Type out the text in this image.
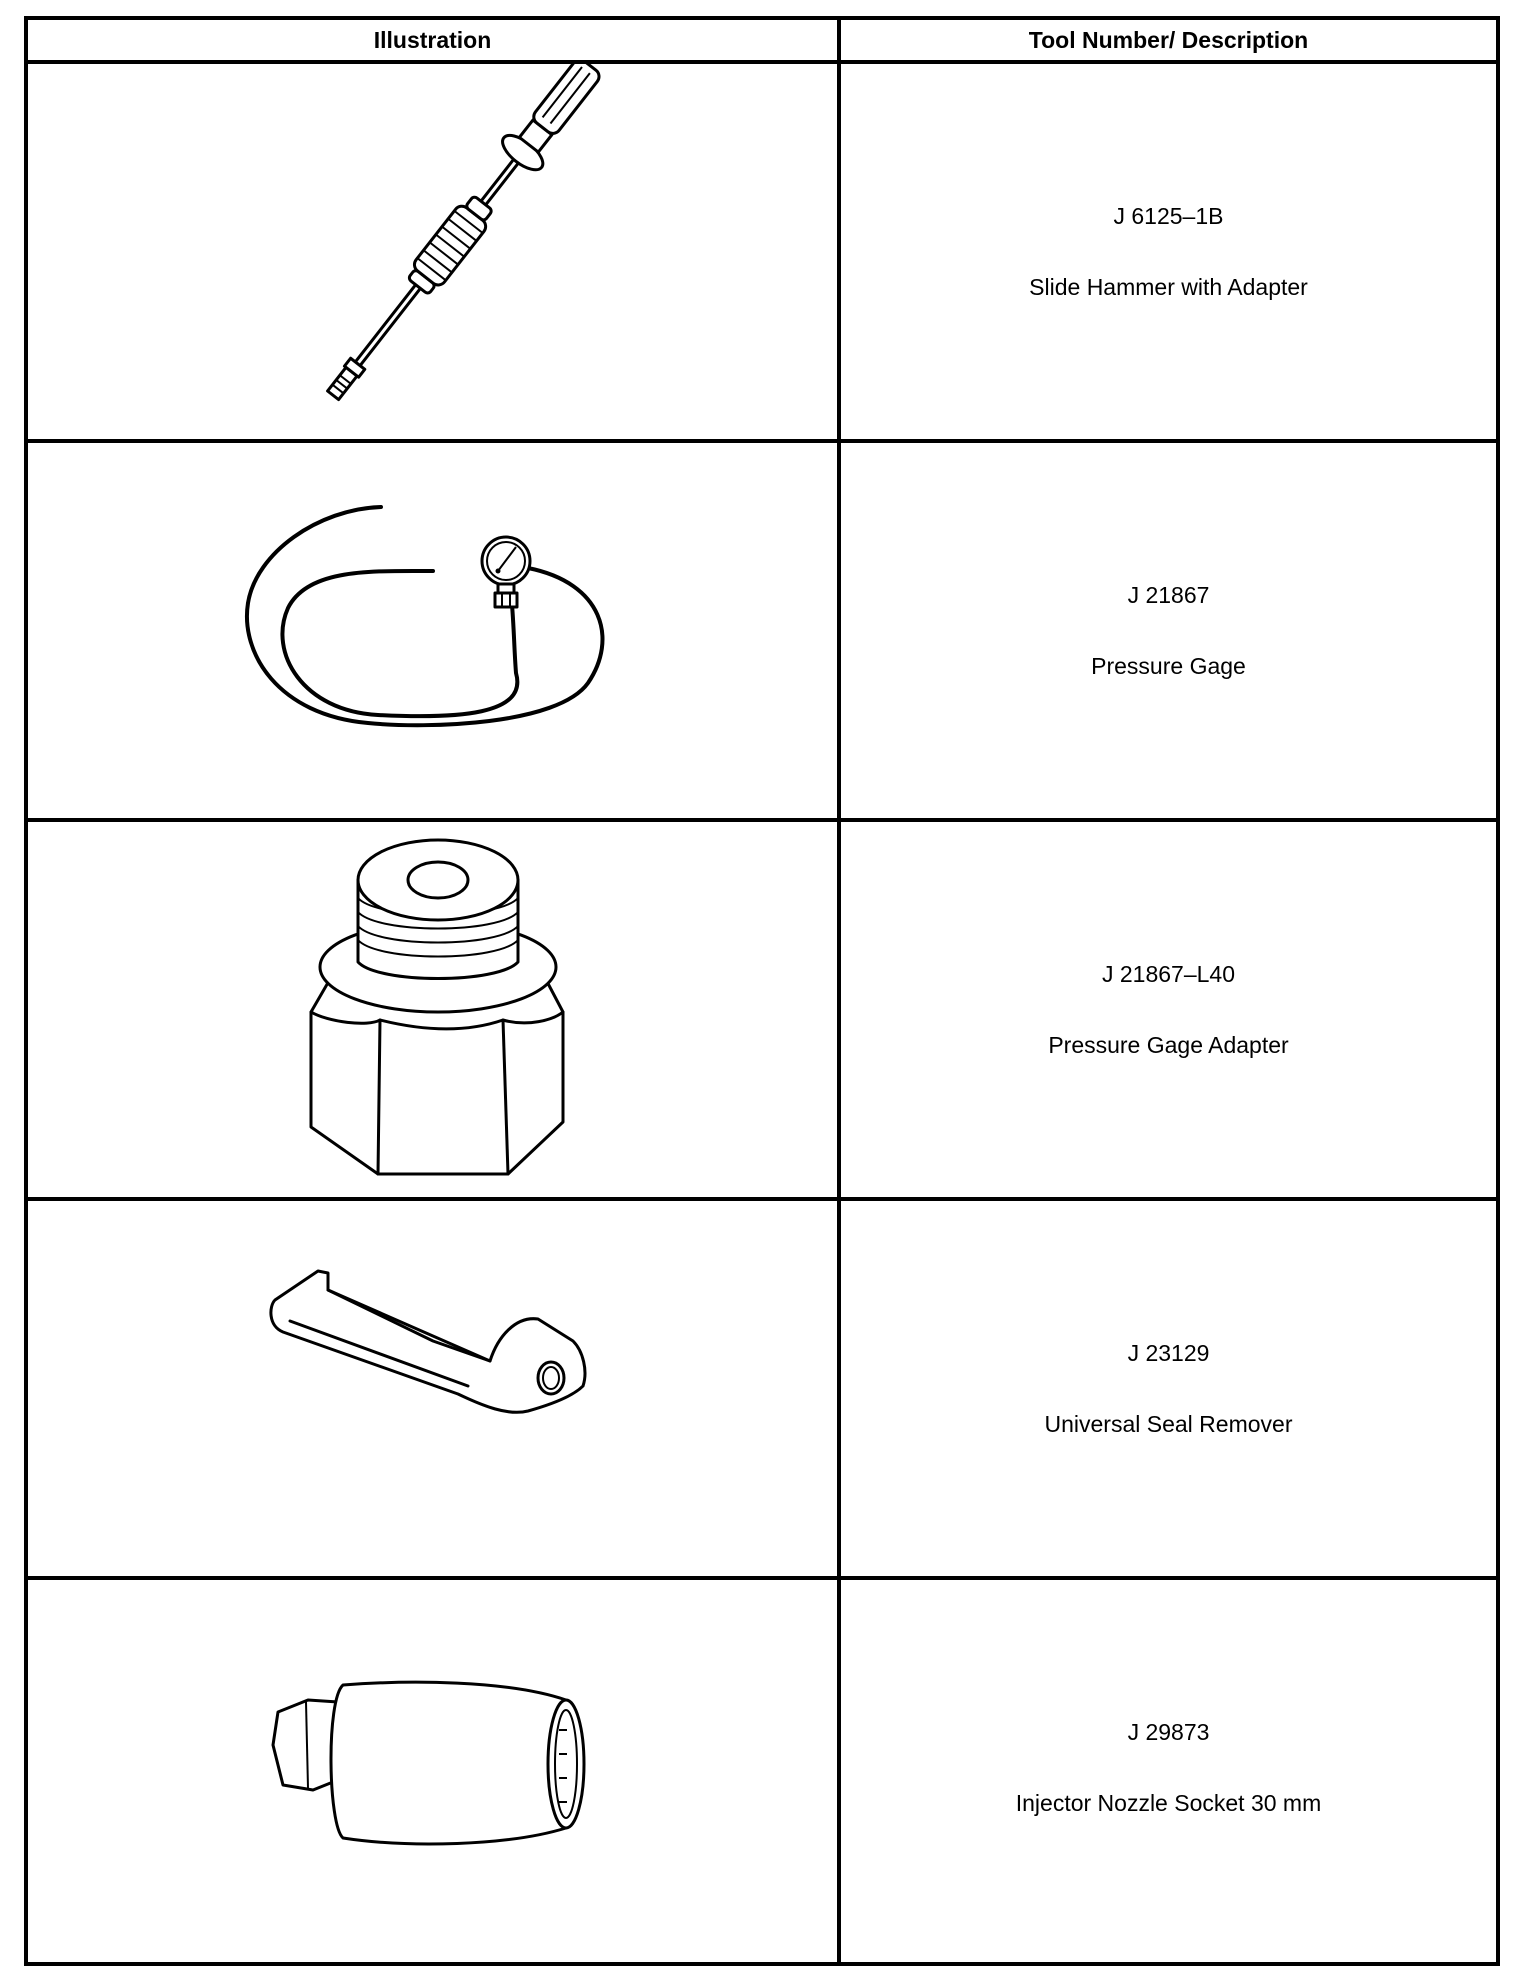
Illustration	Tool Number/ Description
J 6125–1B
Slide Hammer with Adapter
J 21867
Pressure Gage
J 21867–L40
Pressure Gage Adapter
J 23129
Universal Seal Remover
J 29873
Injector Nozzle Socket 30 mm
